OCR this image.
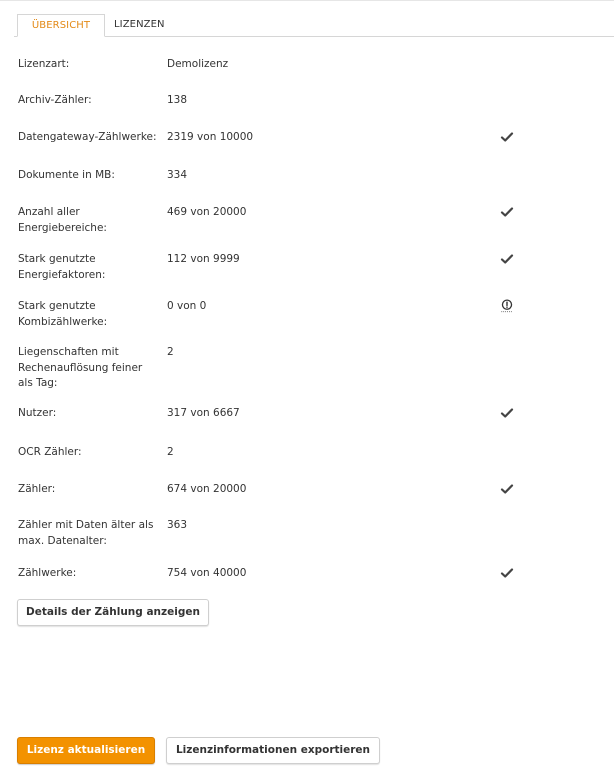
ÜBERSICHT	LIZENZEN
Lizenzart:	Demolizenz
Archiv-Zähler:	138
Datengateway-Zählwerke: 2319 von 10000
Dokumente in MB:	334
Anzahl aller Energiebereiche:
469 von 20000
Stark genutzte Energiefaktoren:
112 von 9999
Stark genutzte Kombizählwerke:
0 von 0
Liegenschaften mit Rechenauflösung feiner als Tag:
2
Nutzer:	317 von 6667
OCR Zähler:	2
Zähler:	674 von 20000
Zähler mit Daten älter als max. Datenalter:
363
Zählwerke:	754 von 40000
Details der Zählung anzeigen
Lizenz aktualisieren	Lizenzinformationen exportieren
